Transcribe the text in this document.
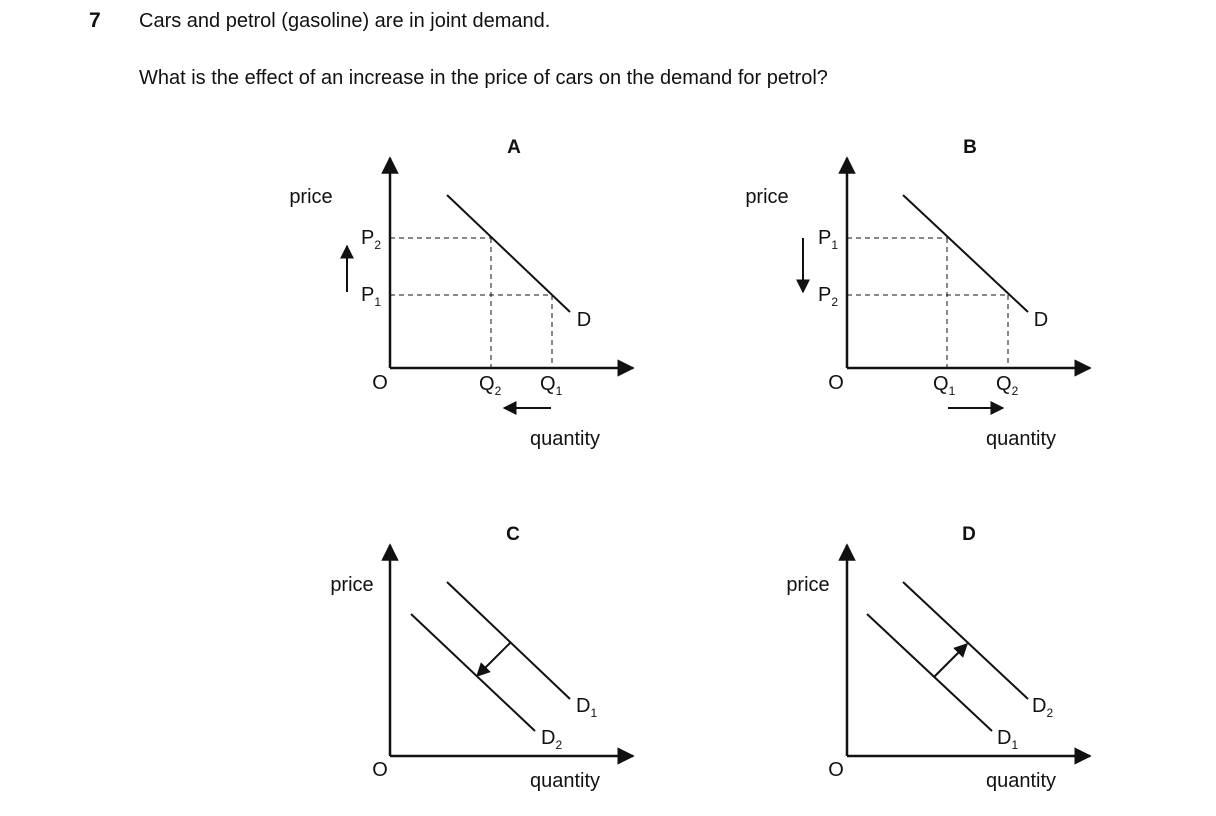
7 Cars and petrol (gasoline) are in joint demand.
What is the effect of an increase in the price of cars on the demand for petrol?
A
price
quantity
O
D
$P_2$
$P_1$
$Q_2$ $Q_1$
B
price
quantity
O
D
$P_1$
$P_2$
$Q_1$ $Q_2$
C
price
quantity
O
$D_1$
$D_2$
D
price
quantity
O
$D_2$
$D_1$
